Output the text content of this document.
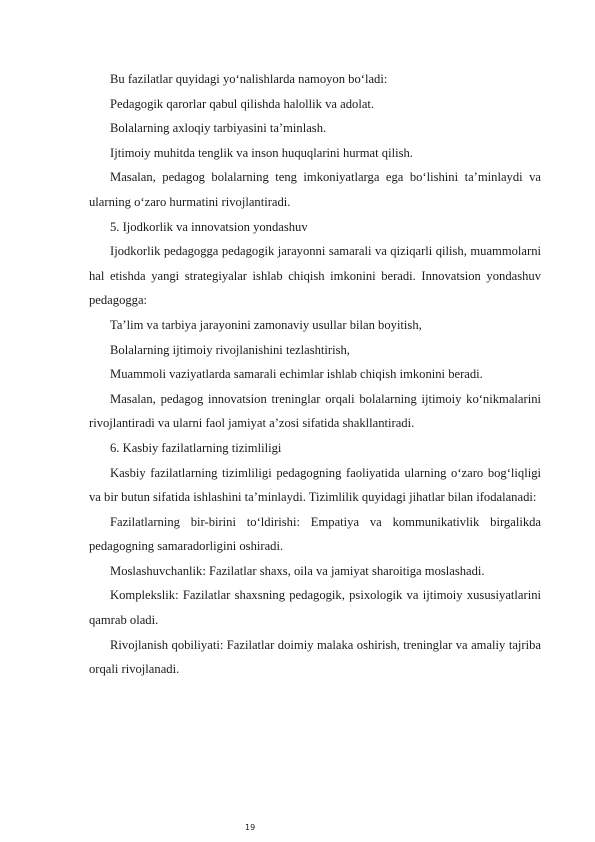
Bu fazilatlar quyidagi yo‘nalishlarda namoyon bo‘ladi:

Pedagogik qarorlar qabul qilishda halollik va adolat.

Bolalarning axloqiy tarbiyasini ta’minlash.

Ijtimoiy muhitda tenglik va inson huquqlarini hurmat qilish.

Masalan, pedagog bolalarning teng imkoniyatlarga ega bo‘lishini ta’minlaydi va ularning o‘zaro hurmatini rivojlantiradi.

5. Ijodkorlik va innovatsion yondashuv

Ijodkorlik pedagogga pedagogik jarayonni samarali va qiziqarli qilish, muammolarni hal etishda yangi strategiyalar ishlab chiqish imkonini beradi. Innovatsion yondashuv pedagogga:

Ta’lim va tarbiya jarayonini zamonaviy usullar bilan boyitish,

Bolalarning ijtimoiy rivojlanishini tezlashtirish,

Muammoli vaziyatlarda samarali echimlar ishlab chiqish imkonini beradi.

Masalan, pedagog innovatsion treninglar orqali bolalarning ijtimoiy ko‘nikmalarini rivojlantiradi va ularni faol jamiyat a’zosi sifatida shakllantiradi.

6. Kasbiy fazilatlarning tizimliligi

Kasbiy fazilatlarning tizimliligi pedagogning faoliyatida ularning o‘zaro bog‘liqligi va bir butun sifatida ishlashini ta’minlaydi. Tizimlilik quyidagi jihatlar bilan ifodalanadi:

Fazilatlarning bir-birini to‘ldirishi: Empatiya va kommunikativlik birgalikda pedagogning samaradorligini oshiradi.

Moslashuvchanlik: Fazilatlar shaxs, oila va jamiyat sharoitiga moslashadi.

Komplekslik: Fazilatlar shaxsning pedagogik, psixologik va ijtimoiy xususiyatlarini qamrab oladi.

Rivojlanish qobiliyati: Fazilatlar doimiy malaka oshirish, treninglar va amaliy tajriba orqali rivojlanadi.

19
